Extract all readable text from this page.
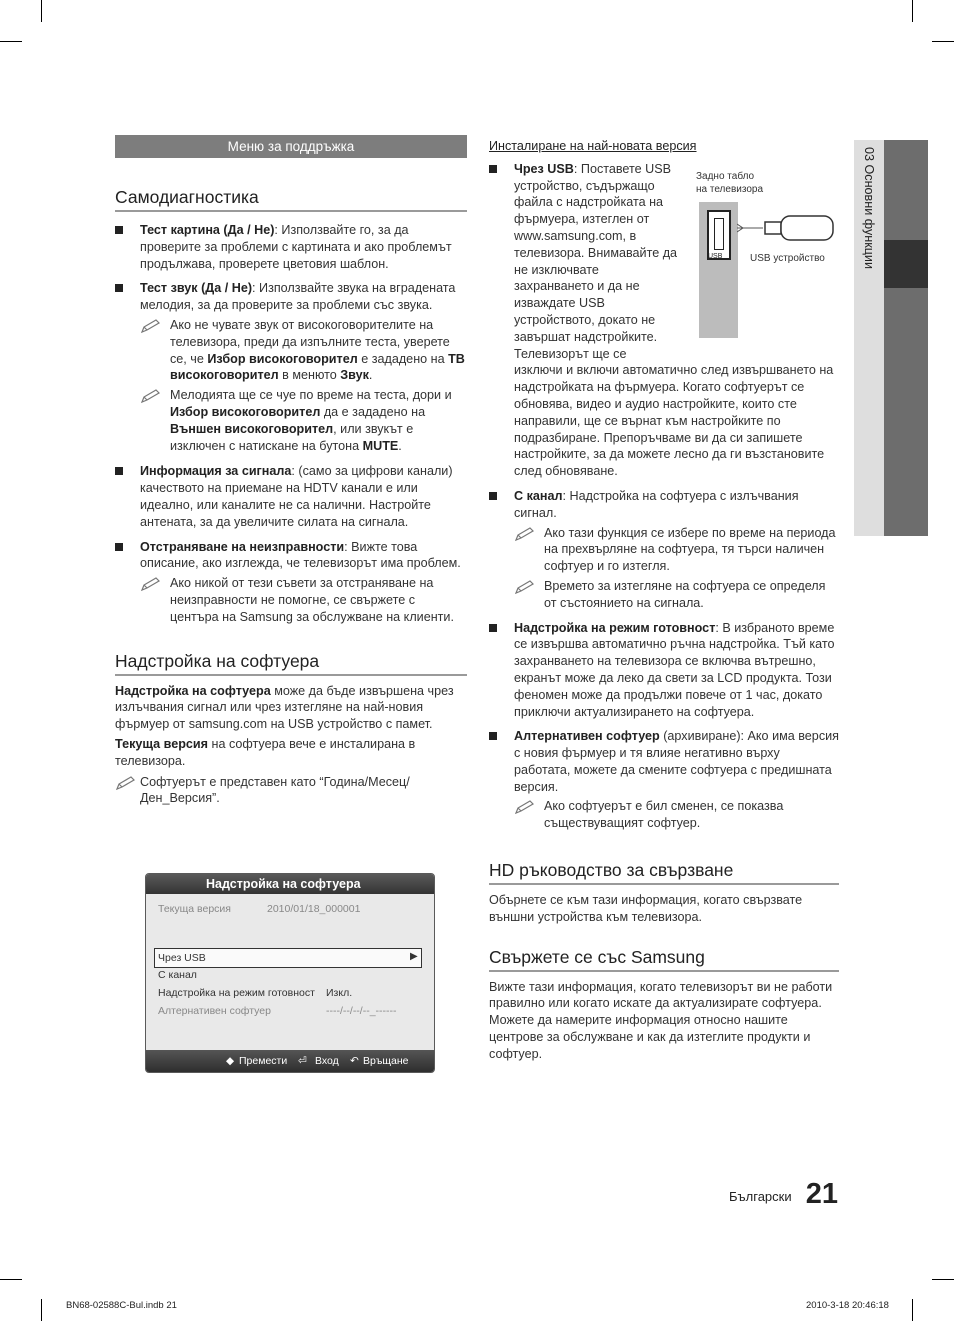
03 Основни функции
Меню за поддръжка
Самодиагностика
Тест картина (Да / Не): Използвайте го, за да проверите за проблеми с картината и ако проблемът продължава, проверете цветовия шаблон.
Тест звук (Да / Не): Използвайте звука на вградената мелодия, за да проверите за проблеми със звука.
Ако не чувате звук от високоговорителите на телевизора, преди да изпълните теста, уверете се, че Избор високоговорител е зададено на ТВ високоговорител в менюто Звук.
Мелодията ще се чуе по време на теста, дори и Избор високоговорител да е зададено на Външен високоговорител, или звукът е изключен с натискане на бутона MUTE.
Информация за сигнала: (само за цифрови канали) качеството на приемане на HDTV канали е или идеално, или каналите не са налични. Настройте антената, за да увеличите силата на сигнала.
Отстраняване на неизправности: Вижте това описание, ако изглежда, че телевизорът има проблем.
Ако никой от тези съвети за отстраняване на неизправности не помогне, се свържете с центъра на Samsung за обслужване на клиенти.
Надстройка на софтуера

Надстройка на софтуера може да бъде извършена чрез излъчвания сигнал или чрез изтегляне на най-новия фърмуер от samsung.com на USB устройство с памет.

Текуща версия на софтуера вече е инсталирана в телевизора.

Софтуерът е представен като “Година/Месец/Ден_Версия”.
Надстройка на софтуера
Текуща версия	2010/01/18_000001
Чрез USB	▶
С канал
Надстройка на режим готовност Изкл.
Алтернативен софтуер	----/--/--/--_------
◆ Премести ⏎ Вход ↶ Връщане

Инсталиране на най-новата версия

Чрез USB: Поставете USB устройство, съдържащо файла с надстройката на фърмуера, изтеглен от www.samsung.com, в телевизора. Внимавайте да не изключвате захранването и да не изваждате USB устройството, докато не завършат надстройките. Телевизорът ще се
изключи и включи автоматично след извършването на надстройката на фърмуера. Когато софтуерът се обновява, видео и аудио настройките, които сте направили, ще се върнат към настройките по подразбиране. Препоръчваме ви да си запишете настройките, за да можете лесно да ги възстановите след обновяване.
С канал: Надстройка на софтуера с излъчвания сигнал.
Ако тази функция се избере по време на периода на прехвърляне на софтуера, тя търси наличен софтуер и го изтегля.
Времето за изтегляне на софтуера се определя от състоянието на сигнала.
Надстройка на режим готовност: В избраното време се извършва автоматично ръчна надстройка. Тъй като захранването на телевизора се включва вътрешно, екранът може да леко да свети за LCD продукта. Този феномен може да продължи повече от 1 час, докато приключи актуализирането на софтуера.
Алтернативен софтуер (архивиране): Ако има версия с новия фърмуер и тя влияе негативно върху работата, можете да смените софтуера с предишната версия.
Ако софтуерът е бил сменен, се показва съществуващият софтуер.
HD ръководство за свързване

Обърнете се към тази информация, когато свързвате външни устройства към телевизора.

Свържете се със Samsung

Вижте тази информация, когато телевизорът ви не работи правилно или когато искате да актуализирате софтуера. Можете да намерите информация относно нашите центрове за обслужване и как да изтеглите продукти и софтуер.

Задно табло
на телевизора
USB	USB устройство
Български 21
BN68-02588C-Bul.indb 21	2010-3-18 20:46:18
